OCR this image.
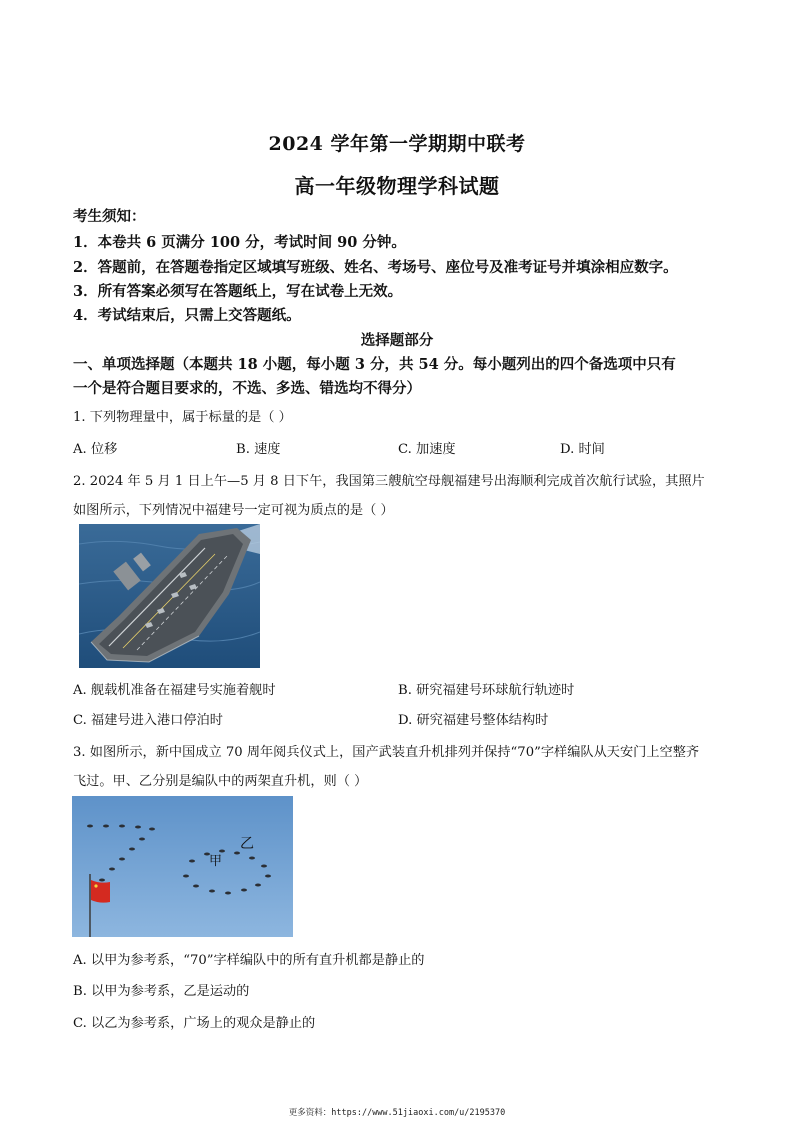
2024 学年第一学期期中联考
高一年级物理学科试题
考生须知：
1．本卷共 6 页满分 100 分，考试时间 90 分钟。
2．答题前，在答题卷指定区域填写班级、姓名、考场号、座位号及准考证号并填涂相应数字。
3．所有答案必须写在答题纸上，写在试卷上无效。
4．考试结束后，只需上交答题纸。
选择题部分
一、单项选择题（本题共 18 小题，每小题 3 分，共 54 分。每小题列出的四个备选项中只有
一个是符合题目要求的，不选、多选、错选均不得分）
1. 下列物理量中，属于标量的是（ ）
A. 位移	B. 速度	C. 加速度	D. 时间
2. 2024 年 5 月 1 日上午—5 月 8 日下午，我国第三艘航空母舰福建号出海顺利完成首次航行试验，其照片
如图所示，下列情况中福建号一定可视为质点的是（ ）
A. 舰载机准备在福建号实施着舰时	B. 研究福建号环球航行轨迹时
C. 福建号进入港口停泊时	D. 研究福建号整体结构时
3. 如图所示，新中国成立 70 周年阅兵仪式上，国产武装直升机排列并保持“70”字样编队从天安门上空整齐
飞过。甲、乙分别是编队中的两架直升机，则（ ）
甲
乙
A. 以甲为参考系，“70”字样编队中的所有直升机都是静止的
B. 以甲为参考系，乙是运动的
C. 以乙为参考系，广场上的观众是静止的
更多资料：https://www.51jiaoxi.com/u/2195370
